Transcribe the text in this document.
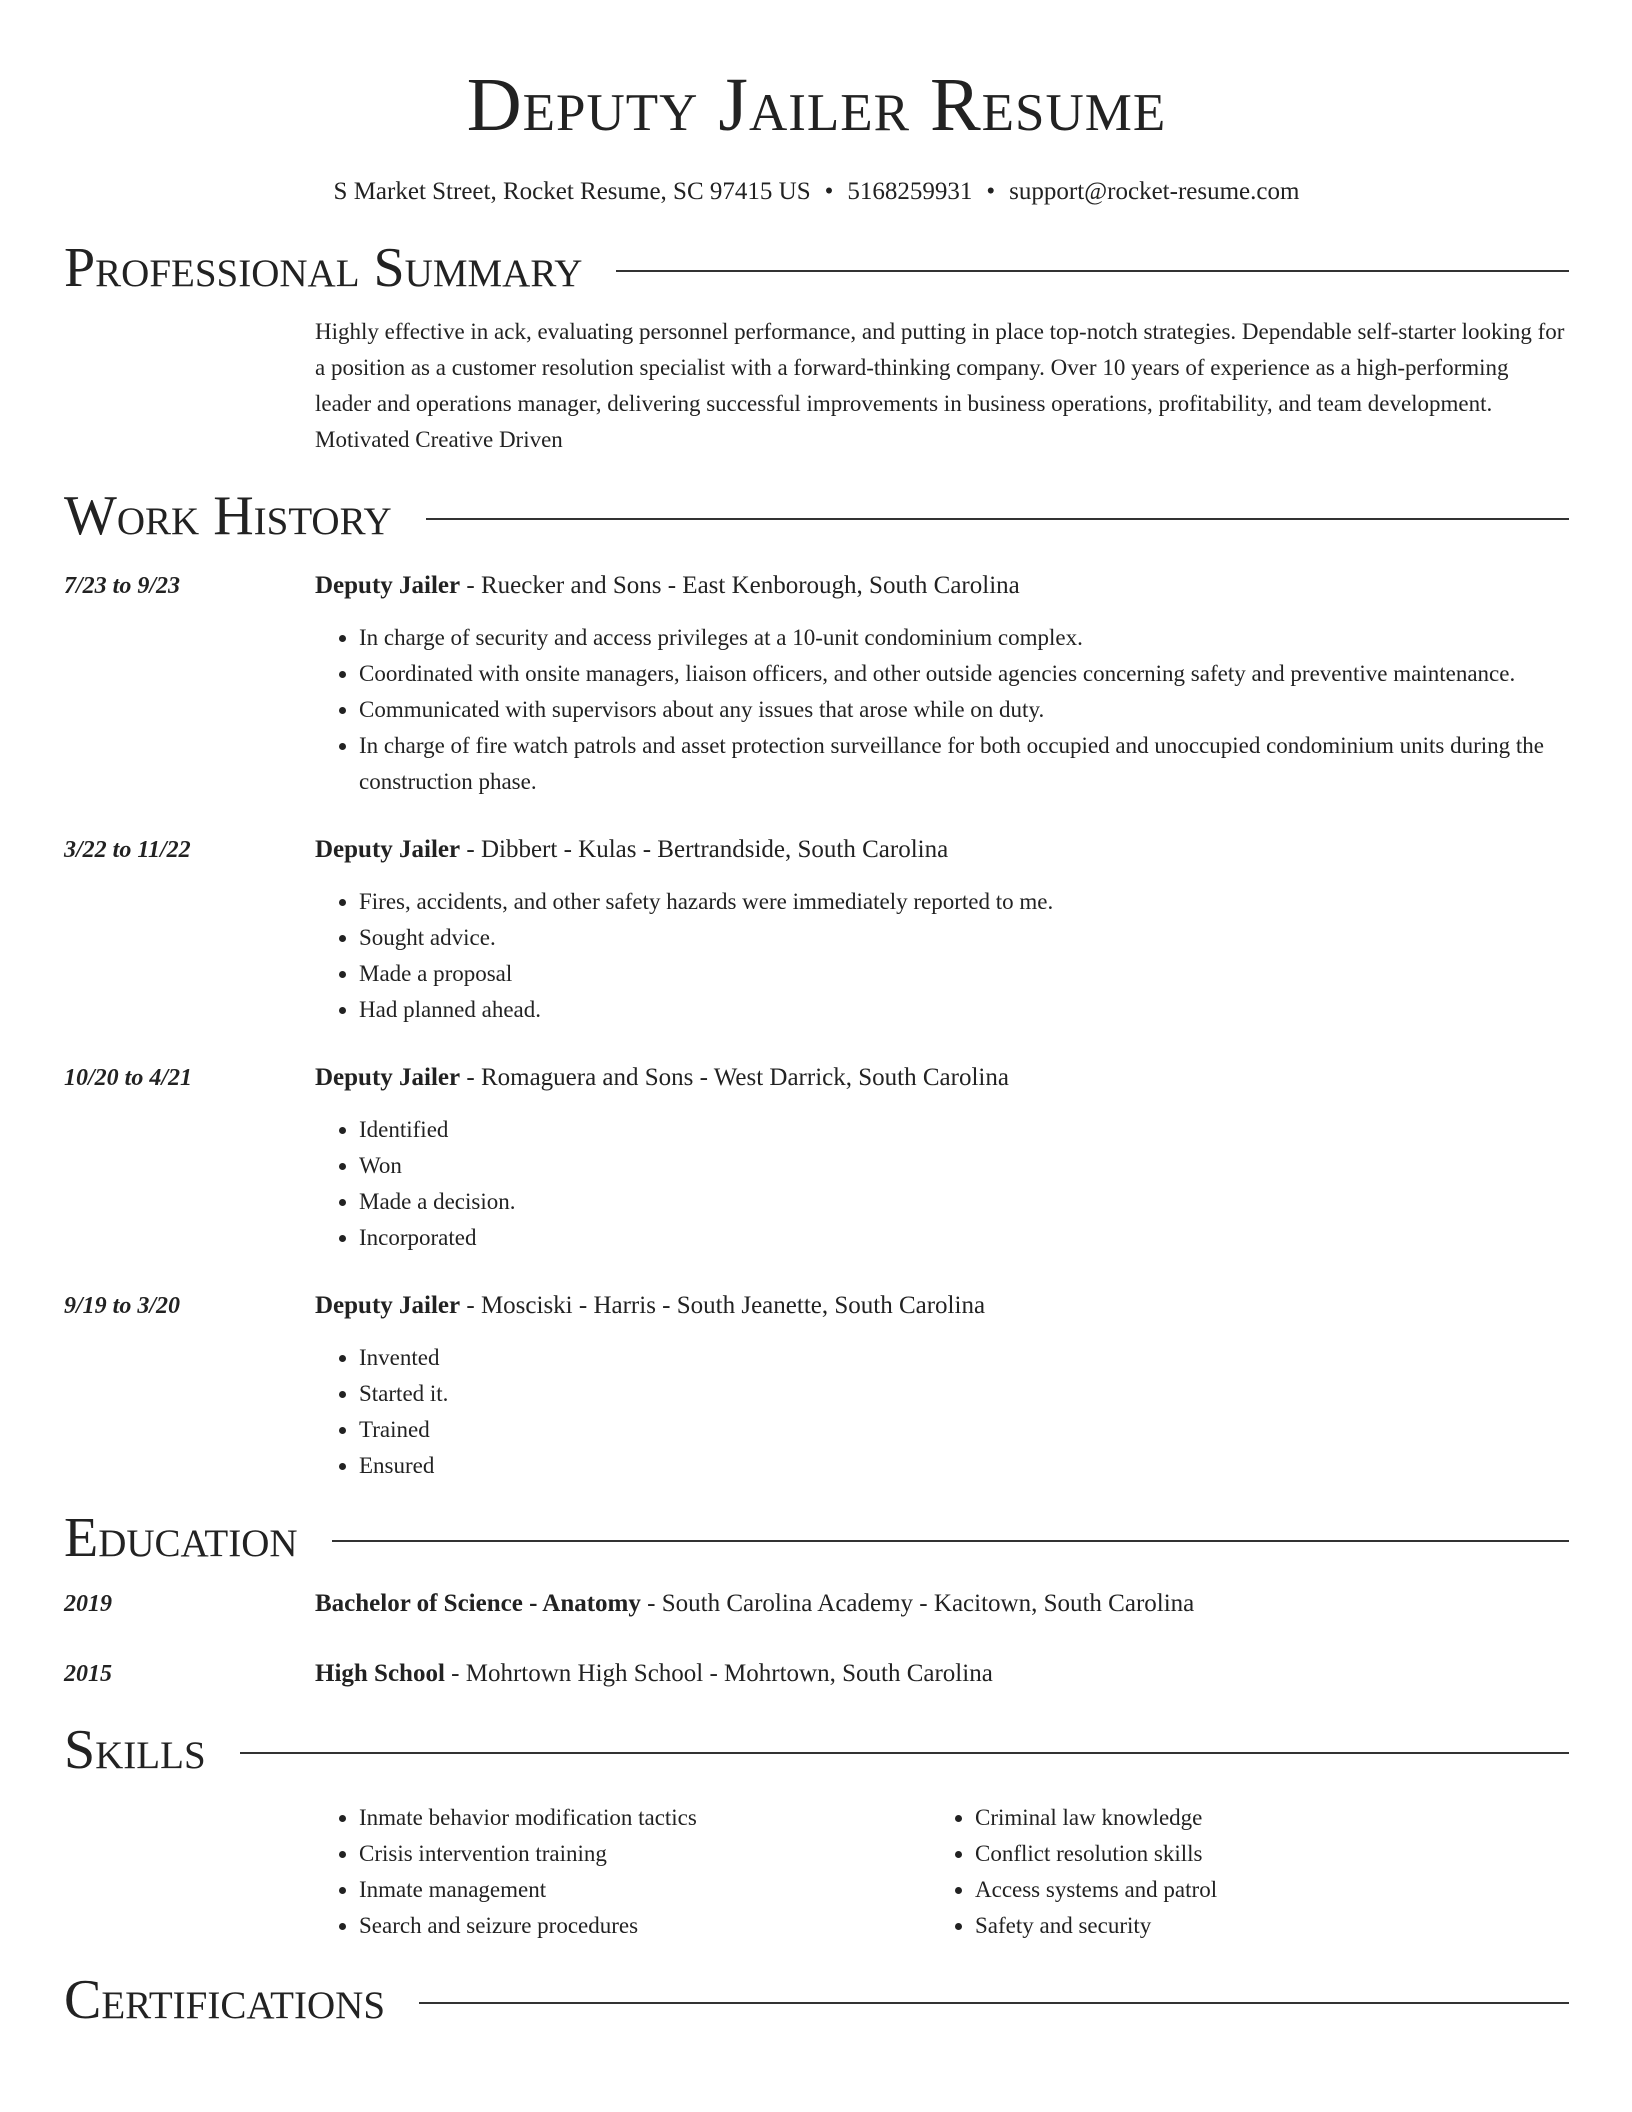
Deputy Jailer Resume
S Market Street, Rocket Resume, SC 97415 US • 5168259931 • support@rocket-resume.com
Professional Summary
Highly effective in ack, evaluating personnel performance, and putting in place top-notch strategies. Dependable self-starter looking for a position as a customer resolution specialist with a forward-thinking company. Over 10 years of experience as a high-performing leader and operations manager, delivering successful improvements in business operations, profitability, and team development. Motivated Creative Driven
Work History
7/23 to 9/23	Deputy Jailer - Ruecker and Sons - East Kenborough, South Carolina
• In charge of security and access privileges at a 10-unit condominium complex.
• Coordinated with onsite managers, liaison officers, and other outside agencies concerning safety and preventive maintenance.
• Communicated with supervisors about any issues that arose while on duty.
• In charge of fire watch patrols and asset protection surveillance for both occupied and unoccupied condominium units during the construction phase.
3/22 to 11/22	Deputy Jailer - Dibbert - Kulas - Bertrandside, South Carolina
• Fires, accidents, and other safety hazards were immediately reported to me.
• Sought advice.
• Made a proposal
• Had planned ahead.
10/20 to 4/21	Deputy Jailer - Romaguera and Sons - West Darrick, South Carolina
• Identified
• Won
• Made a decision.
• Incorporated
9/19 to 3/20	Deputy Jailer - Mosciski - Harris - South Jeanette, South Carolina
• Invented
• Started it.
• Trained
• Ensured
Education
2019	Bachelor of Science - Anatomy - South Carolina Academy - Kacitown, South Carolina
2015	High School - Mohrtown High School - Mohrtown, South Carolina
Skills
• Inmate behavior modification tactics
• Crisis intervention training
• Inmate management
• Search and seizure procedures
• Criminal law knowledge
• Conflict resolution skills
• Access systems and patrol
• Safety and security
Certifications
